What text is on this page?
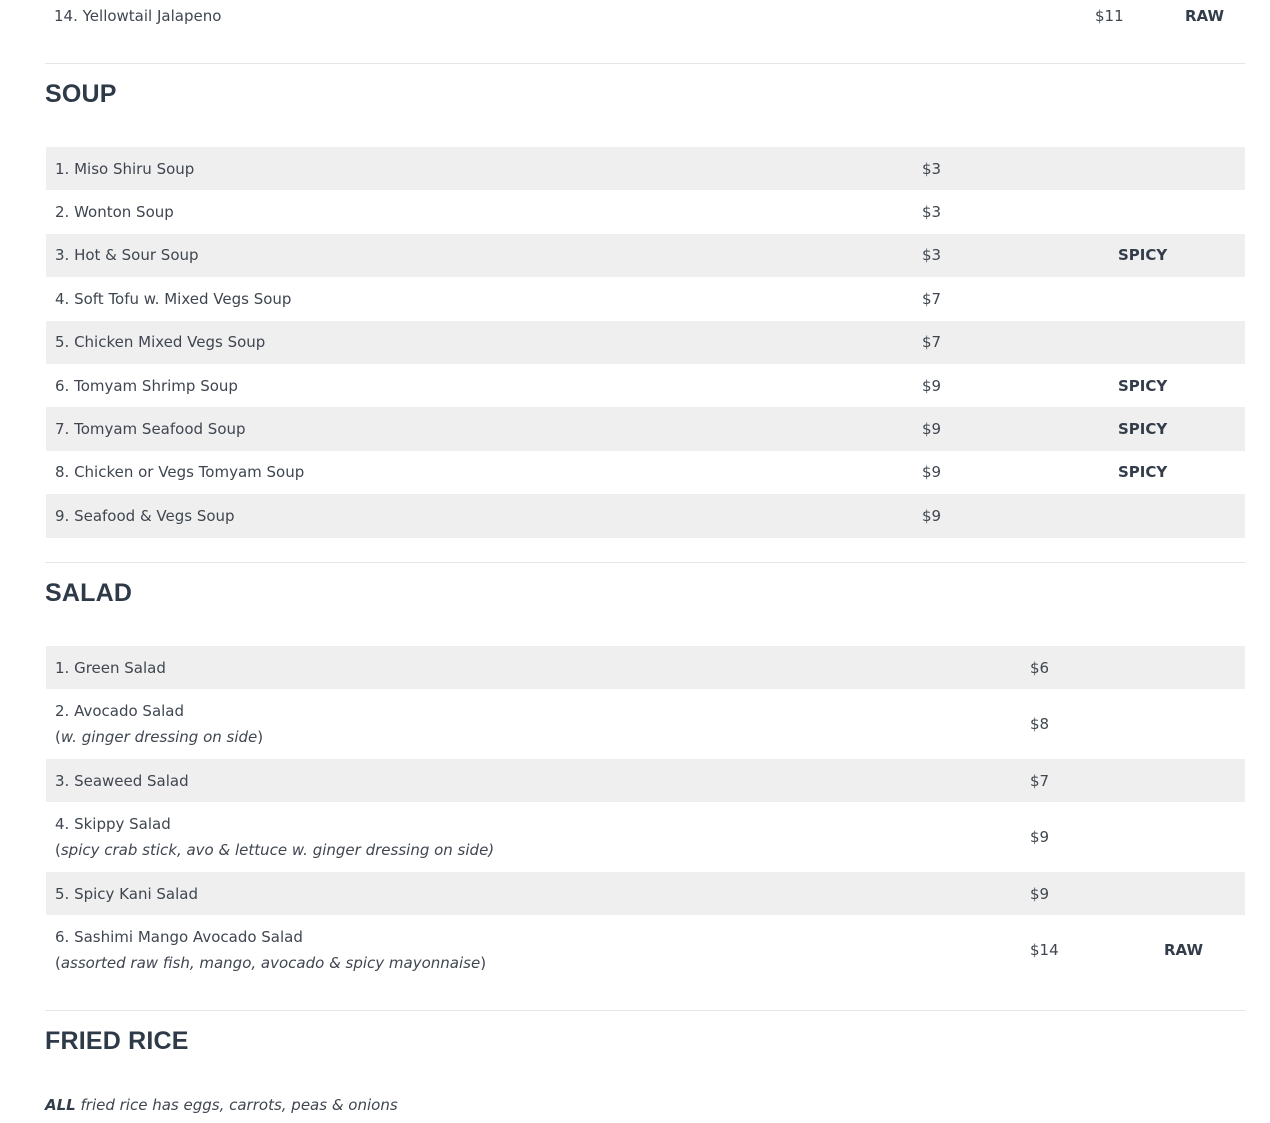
14. Yellowtail Jalapeno	$11	RAW
SOUP
1. Miso Shiru Soup	$3
2. Wonton Soup	$3
3. Hot & Sour Soup	$3	SPICY
4. Soft Tofu w. Mixed Vegs Soup	$7
5. Chicken Mixed Vegs Soup	$7
6. Tomyam Shrimp Soup	$9	SPICY
7. Tomyam Seafood Soup	$9	SPICY
8. Chicken or Vegs Tomyam Soup	$9	SPICY
9. Seafood & Vegs Soup	$9
SALAD
1. Green Salad	$6
2. Avocado Salad
(w. ginger dressing on side)
$8
3. Seaweed Salad	$7
4. Skippy Salad
(spicy crab stick, avo & lettuce w. ginger dressing on side)
$9
5. Spicy Kani Salad	$9
6. Sashimi Mango Avocado Salad
(assorted raw fish, mango, avocado & spicy mayonnaise)
$14	RAW
FRIED RICE
ALL fried rice has eggs, carrots, peas & onions
